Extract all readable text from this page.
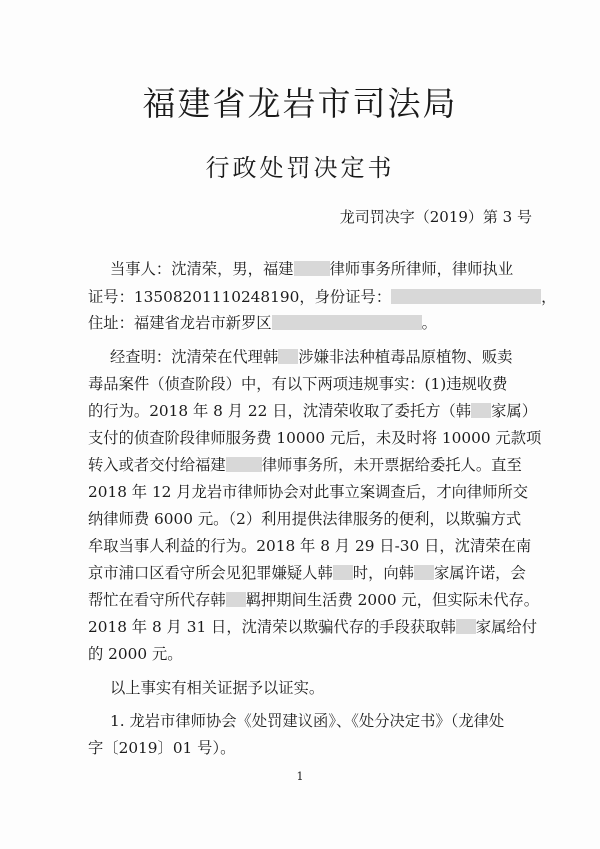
福建省龙岩市司法局
行政处罚决定书
龙司罚决字（2019）第 3 号
当事人：沈清荣，男，福建 律师事务所律师，律师执业
证号：13508201110248190，身份证号：	，
住址：福建省龙岩市新罗区	。
经查明：沈清荣在代理韩 涉嫌非法种植毒品原植物、贩卖
毒品案件（侦查阶段）中，有以下两项违规事实：(1)违规收费
的行为。2018 年 8 月 22 日，沈清荣收取了委托方（韩 家属）
支付的侦查阶段律师服务费 10000 元后，未及时将 10000 元款项
转入或者交付给福建 律师事务所，未开票据给委托人。直至
2018 年 12 月龙岩市律师协会对此事立案调查后，才向律师所交
纳律师费 6000 元。（2）利用提供法律服务的便利，以欺骗方式
牟取当事人利益的行为。2018 年 8 月 29 日-30 日，沈清荣在南
京市浦口区看守所会见犯罪嫌疑人韩 时，向韩 家属许诺，会
帮忙在看守所代存韩 羁押期间生活费 2000 元，但实际未代存。
2018 年 8 月 31 日，沈清荣以欺骗代存的手段获取韩 家属给付
的 2000 元。
以上事实有相关证据予以证实。
1. 龙岩市律师协会《处罚建议函》、《处分决定书》（龙律处
字〔2019〕01 号）。
1
